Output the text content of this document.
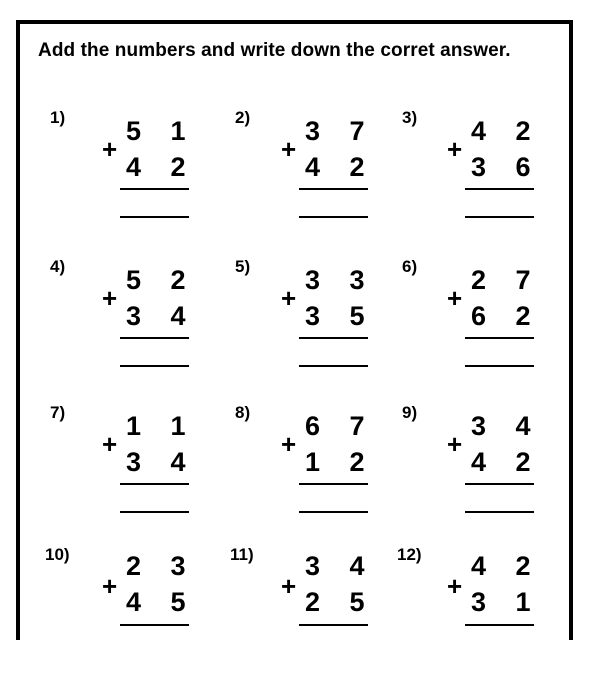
Add the numbers and write down the corret answer.
1)
+
5 1
4 2
2)
+
3 7
4 2
3)
+
4 2
3 6
4)
+
5 2
3 4
5)
+
3 3
3 5
6)
+
2 7
6 2
7)
+
1 1
3 4
8)
+
6 7
1 2
9)
+
3 4
4 2
10)
+
2 3
4 5
11)
+
3 4
2 5
12)
+
4 2
3 1
